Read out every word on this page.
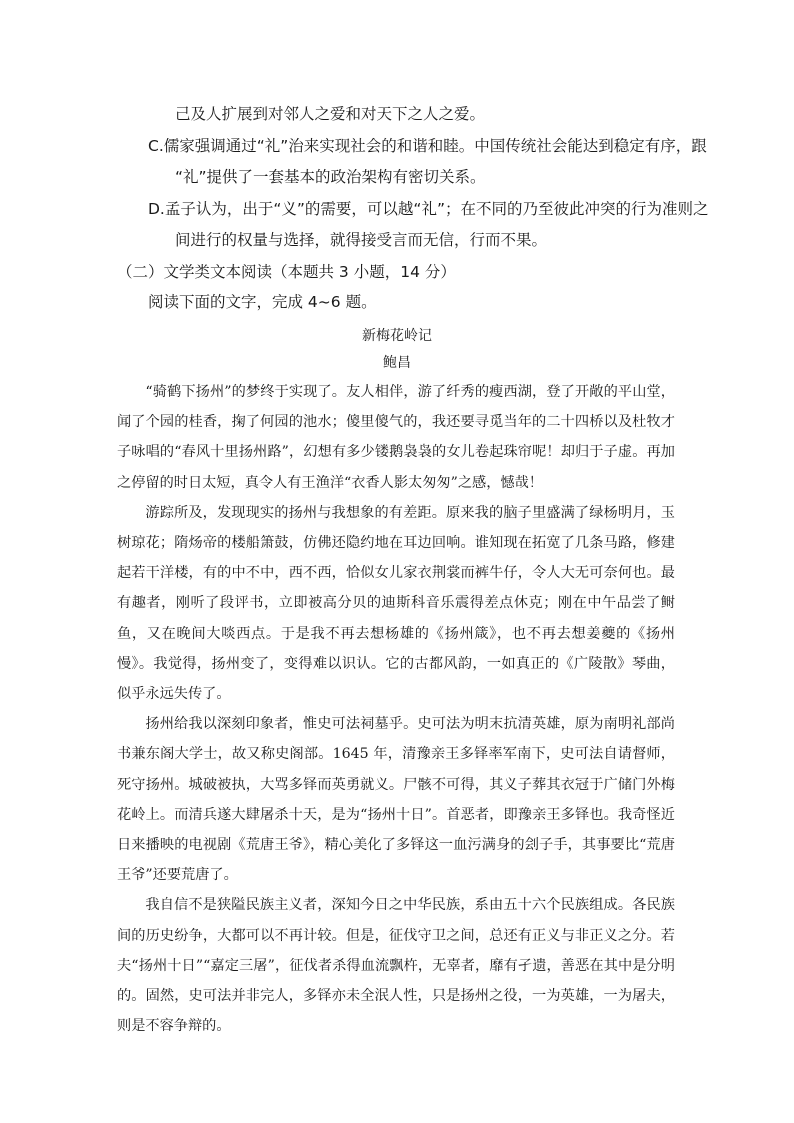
己及人扩展到对邻人之爱和对天下之人之爱。
C.儒家强调通过“礼”治来实现社会的和谐和睦。中国传统社会能达到稳定有序，跟
“礼”提供了一套基本的政治架构有密切关系。
D.孟子认为，出于“义”的需要，可以越“礼”；在不同的乃至彼此冲突的行为准则之
间进行的权量与选择，就得接受言而无信，行而不果。
（二）文学类文本阅读（本题共 3 小题，14 分）
阅读下面的文字，完成 4~6 题。
新梅花岭记
鲍昌

“骑鹤下扬州”的梦终于实现了。友人相伴，游了纤秀的瘦西湖，登了开敞的平山堂，闻了个园的桂香，掬了何园的池水；傻里傻气的，我还要寻觅当年的二十四桥以及杜牧才子咏唱的“春风十里扬州路”，幻想有多少镂鹅袅袅的女儿卷起珠帘呢！却归于子虚。再加之停留的时日太短，真令人有王渔洋“衣香人影太匆匆”之感，憾哉！

游踪所及，发现现实的扬州与我想象的有差距。原来我的脑子里盛满了绿杨明月，玉树琼花；隋炀帝的楼船箫鼓，仿佛还隐约地在耳边回响。谁知现在拓宽了几条马路，修建起若干洋楼，有的中不中，西不西，恰似女儿家衣荆裳而裤牛仔，令人大无可奈何也。最有趣者，刚听了段评书，立即被高分贝的迪斯科音乐震得差点休克；刚在中午品尝了鲥鱼，又在晚间大啖西点。于是我不再去想杨雄的《扬州箴》，也不再去想姜夔的《扬州慢》。我觉得，扬州变了，变得难以识认。它的古都风韵，一如真正的《广陵散》琴曲，似乎永远失传了。

扬州给我以深刻印象者，惟史可法祠墓乎。史可法为明末抗清英雄，原为南明礼部尚书兼东阁大学士，故又称史阁部。1645 年，清豫亲王多铎率军南下，史可法自请督师，死守扬州。城破被执，大骂多铎而英勇就义。尸骸不可得，其义子葬其衣冠于广储门外梅花岭上。而清兵遂大肆屠杀十天，是为“扬州十日”。首恶者，即豫亲王多铎也。我奇怪近日来播映的电视剧《荒唐王爷》，精心美化了多铎这一血污满身的刽子手，其事要比“荒唐王爷”还要荒唐了。

我自信不是狭隘民族主义者，深知今日之中华民族，系由五十六个民族组成。各民族间的历史纷争，大都可以不再计较。但是，征伐守卫之间，总还有正义与非正义之分。若夫“扬州十日”“嘉定三屠”，征伐者杀得血流飘杵，无辜者，靡有孑遗，善恶在其中是分明的。固然，史可法并非完人，多铎亦未全泯人性，只是扬州之役，一为英雄，一为屠夫，则是不容争辩的。
